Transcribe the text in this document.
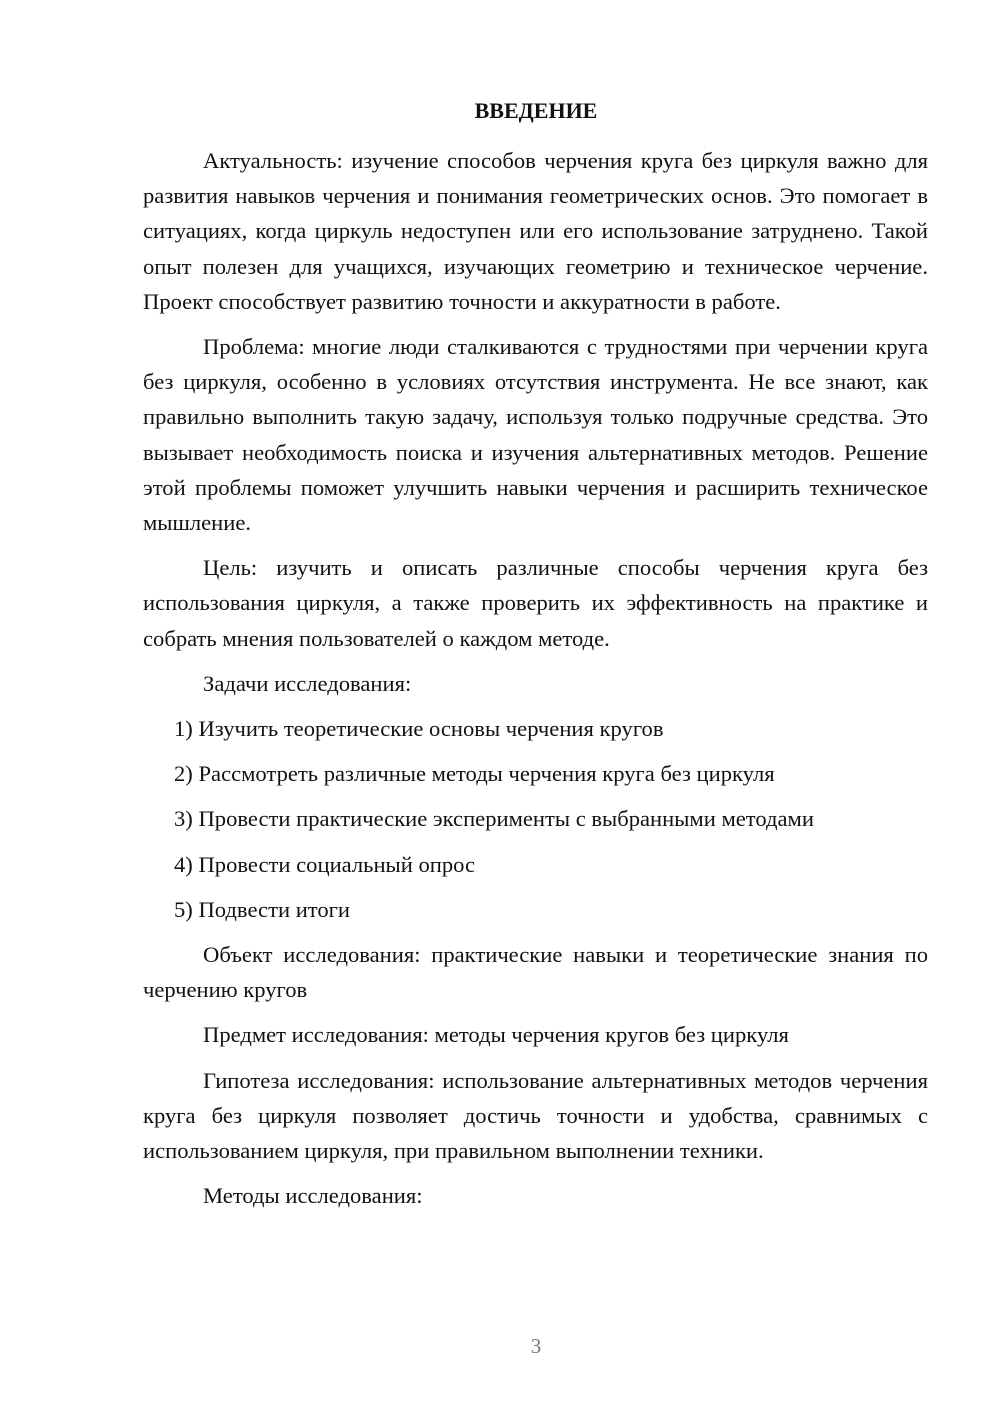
ВВЕДЕНИЕ

Актуальность: изучение способов черчения круга без циркуля важно для развития навыков черчения и понимания геометрических основ. Это помогает в ситуациях, когда циркуль недоступен или его использование затруднено. Такой опыт полезен для учащихся, изучающих геометрию и техническое черчение. Проект способствует развитию точности и аккуратности в работе.

Проблема: многие люди сталкиваются с трудностями при черчении круга без циркуля, особенно в условиях отсутствия инструмента. Не все знают, как правильно выполнить такую задачу, используя только подручные средства. Это вызывает необходимость поиска и изучения альтернативных методов. Решение этой проблемы поможет улучшить навыки черчения и расширить техническое мышление.

Цель: изучить и описать различные способы черчения круга без использования циркуля, а также проверить их эффективность на практике и собрать мнения пользователей о каждом методе.

Задачи исследования:

1) Изучить теоретические основы черчения кругов

2) Рассмотреть различные методы черчения круга без циркуля

3) Провести практические эксперименты с выбранными методами

4) Провести социальный опрос

5) Подвести итоги

Объект исследования: практические навыки и теоретические знания по черчению кругов

Предмет исследования: методы черчения кругов без циркуля

Гипотеза исследования: использование альтернативных методов черчения круга без циркуля позволяет достичь точности и удобства, сравнимых с использованием циркуля, при правильном выполнении техники.

Методы исследования:

3
